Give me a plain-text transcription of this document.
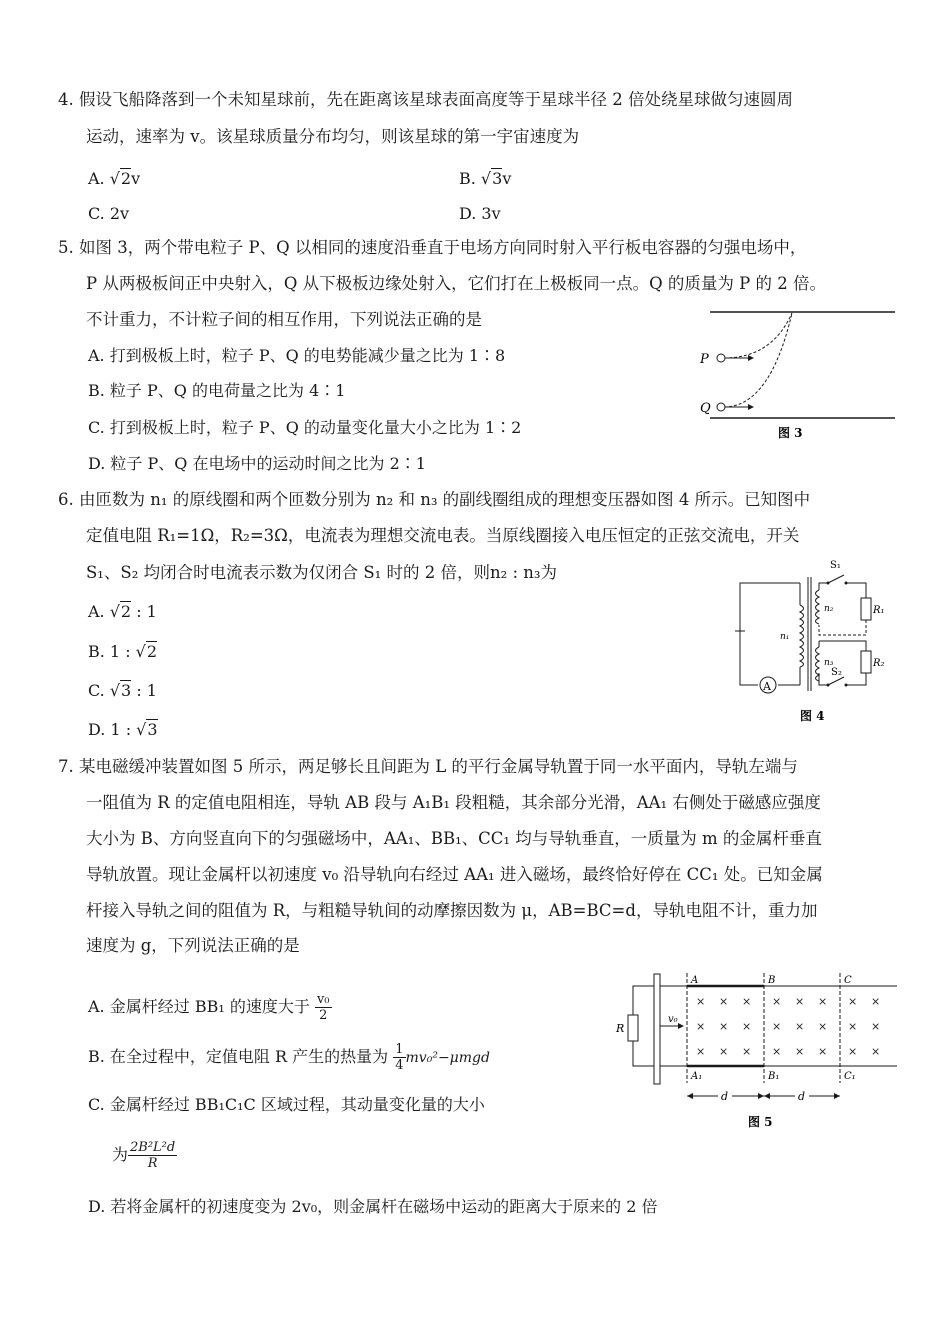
4. 假设飞船降落到一个未知星球前，先在距离该星球表面高度等于星球半径 2 倍处绕星球做匀速圆周
运动，速率为 v。该星球质量分布均匀，则该星球的第一宇宙速度为
A. √2v	B. √3v
C. 2v	D. 3v
5. 如图 3，两个带电粒子 P、Q 以相同的速度沿垂直于电场方向同时射入平行板电容器的匀强电场中，
P 从两极板间正中央射入，Q 从下极板边缘处射入，它们打在上极板同一点。Q 的质量为 P 的 2 倍。
不计重力，不计粒子间的相互作用，下列说法正确的是
A. 打到极板上时，粒子 P、Q 的电势能减少量之比为 1∶8
B. 粒子 P、Q 的电荷量之比为 4∶1
C. 打到极板上时，粒子 P、Q 的动量变化量大小之比为 1∶2
D. 粒子 P、Q 在电场中的运动时间之比为 2∶1
P
Q
图 3
6. 由匝数为 n₁ 的原线圈和两个匝数分别为 n₂ 和 n₃ 的副线圈组成的理想变压器如图 4 所示。已知图中
定值电阻 R₁=1Ω，R₂=3Ω，电流表为理想交流电表。当原线圈接入电压恒定的正弦交流电，开关
S₁、S₂ 均闭合时电流表示数为仅闭合 S₁ 时的 2 倍，则n₂ : n₃为
A. √2 : 1
B. 1 : √2
C. √3 : 1
D. 1 : √3
A
n₁
n₂
S₁
R₁
n₃	R₂
S₂
图 4
7. 某电磁缓冲装置如图 5 所示，两足够长且间距为 L 的平行金属导轨置于同一水平面内，导轨左端与
一阻值为 R 的定值电阻相连，导轨 AB 段与 A₁B₁ 段粗糙，其余部分光滑，AA₁ 右侧处于磁感应强度
大小为 B、方向竖直向下的匀强磁场中，AA₁、BB₁、CC₁ 均与导轨垂直，一质量为 m 的金属杆垂直
导轨放置。现让金属杆以初速度 v₀ 沿导轨向右经过 AA₁ 进入磁场，最终恰好停在 CC₁ 处。已知金属
杆接入导轨之间的阻值为 R，与粗糙导轨间的动摩擦因数为 μ，AB=BC=d，导轨电阻不计，重力加
速度为 g，下列说法正确的是
A. 金属杆经过 BB₁ 的速度大于 $\frac{\text{v₀}}{2}$
B. 在全过程中，定值电阻 R 产生的热量为 $\frac{1}{4} mv_0^2-\mu mgd$
C. 金属杆经过 BB₁C₁C 区域过程，其动量变化量的大小
为 $\frac{\text{2B²L²d}}{R}$
D. 若将金属杆的初速度变为 2v₀，则金属杆在磁场中运动的距离大于原来的 2 倍
R
v₀
A	B	C
A₁	B₁	C₁
× × × × × × × ×
× × × × × × × ×
× × × × × × × ×
d	d
图 5
